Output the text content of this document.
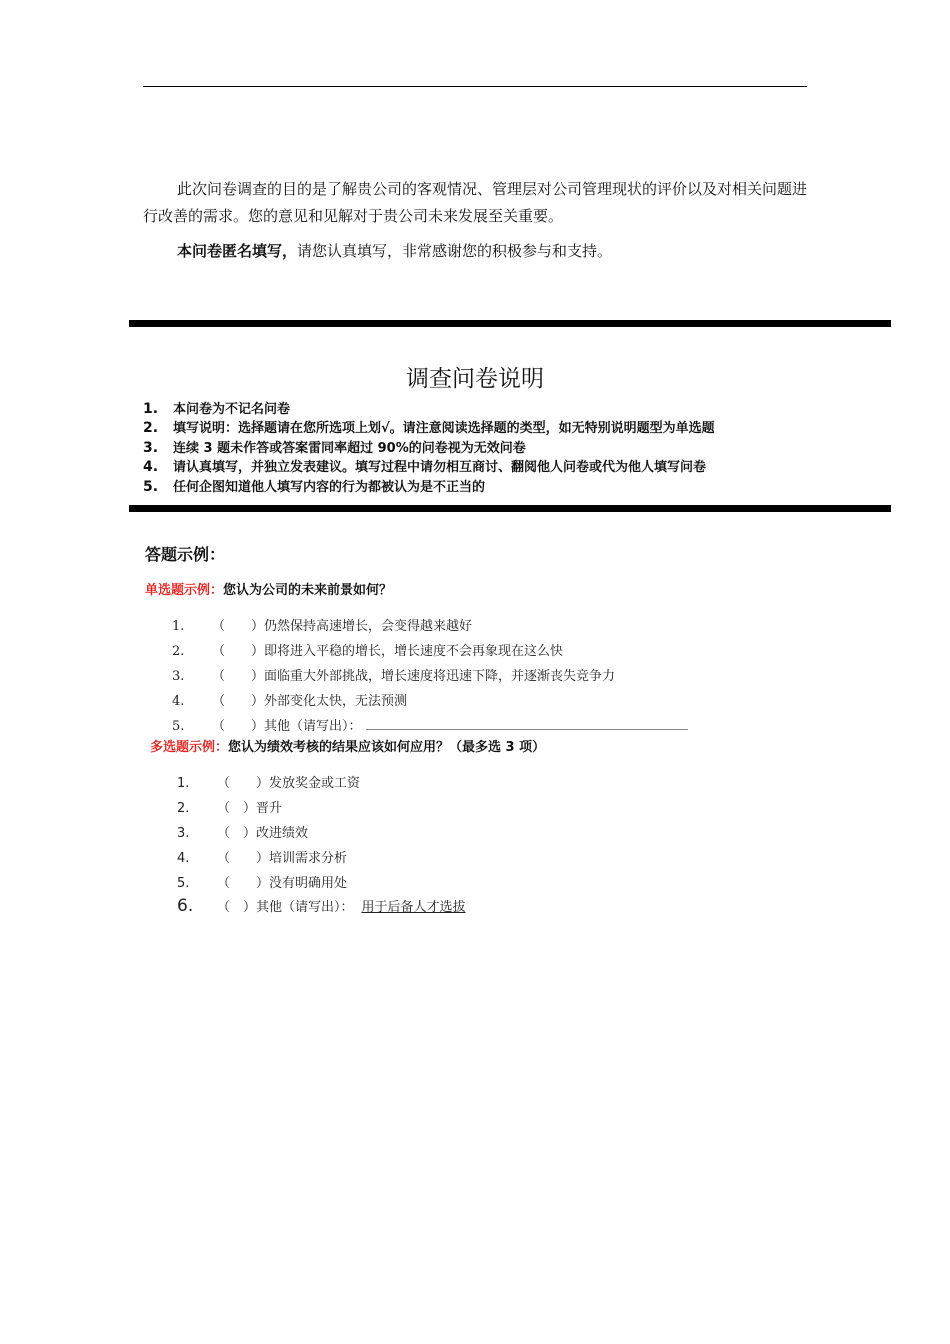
此次问卷调查的目的是了解贵公司的客观情况、管理层对公司管理现状的评价以及对相关问题进行改善的需求。您的意见和见解对于贵公司未来发展至关重要。

本问卷匿名填写，请您认真填写，非常感谢您的积极参与和支持。
调查问卷说明
1.	本问卷为不记名问卷
2.	填写说明：选择题请在您所选项上划√。请注意阅读选择题的类型，如无特别说明题型为单选题
3.	连续 3 题未作答或答案雷同率超过 90%的问卷视为无效问卷
4.	请认真填写，并独立发表建议。填写过程中请勿相互商讨、翻阅他人问卷或代为他人填写问卷
5.	任何企图知道他人填写内容的行为都被认为是不正当的
答题示例：
单选题示例：您认为公司的未来前景如何？
1.	（　　） 仍然保持高速增长，会变得越来越好
2.	（　　） 即将进入平稳的增长，增长速度不会再象现在这么快
3.	（　　） 面临重大外部挑战，增长速度将迅速下降，并逐渐丧失竞争力
4.	（　　） 外部变化太快，无法预测
5.	（　　） 其他（请写出）：
多选题示例：您认为绩效考核的结果应该如何应用？（最多选 3 项）
1.	（　　） 发放奖金或工资
2.	（　） 晋升
3.	（　） 改进绩效
4.	（　　） 培训需求分析
5.	（　　） 没有明确用处
6.	（　） 其他（请写出）： 用于后备人才选拔
